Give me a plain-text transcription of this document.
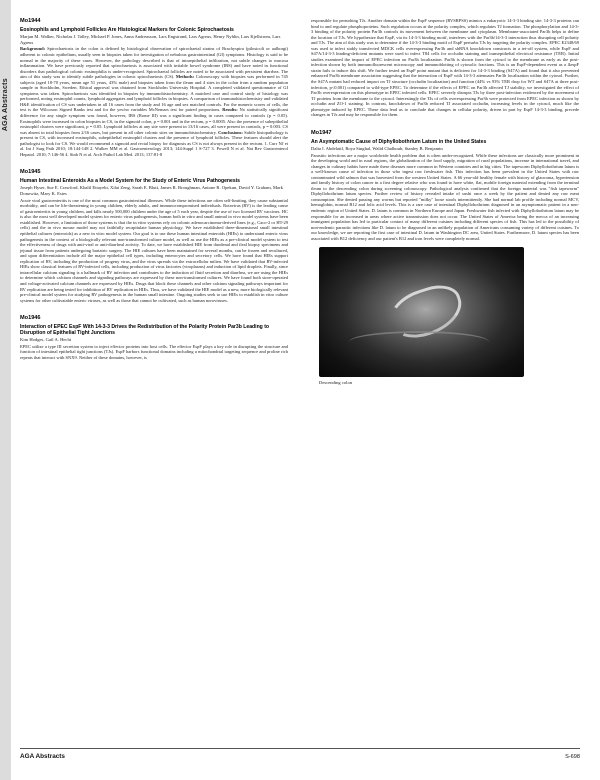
AGA Abstracts
Mo1944
Eosinophils and Lymphoid Follicles Are Histological Markers for Colonic Spirochaetosis
Marjan M. Walker, Nicholas J. Talley, Michael P. Jones, Anna Andreasson, Lars Engstrand, Lars Agreus, Henry Nyhlin, Lars Kjellstrom, Lars Agreus

Background: Spirochaetosis in the colon is defined by histological observation of spirochaetal strains of Brachyspira (pilosicoli or aalborgi) adherent to colonic epithelium, usually seen in biopsies taken for investigation of nebulous gastrointestinal (GI) symptoms. Histology is said to be normal in the majority of these cases. However, the pathology described is that of intraepithelial infiltration, not subtle changes to mucosa inflammation. We have previously reported that spirochaetosis is associated with irritable bowel syndrome (IBS) and have noted in functional disorders that pathological colonic eosinophilia is under-recognised. Spirochaetal follicles are noted to be associated with persistent diarrhea. The aim of this study was to identify subtle pathologies in colonic spirochaetosis (CS). Methods: Colonoscopy with biopsies was performed in 745 subjects (aged 18-70 years, mean age 51 years, 43% male) and biopsies taken from the ileum and 4 sites in the colon from a random population sample in Stockholm, Sweden. Ethical approval was obtained from Stockholm University Hospital. A completed validated questionnaire of GI symptoms was taken. Spirochaetosis was identified in biopsies by immunohistochemistry. A matched case and control study of histology was performed, noting eosinophil counts, lymphoid aggregates and lymphoid follicles in biopsies. A comparison of immunohistochemistry and validated H&E identification of CS was undertaken in all 16 cases from the study and 16 age and sex matched controls. For the numeric scores of cells, the test is the Wilcoxon Signed Ranks test and for the yes/no variables McNemars test for paired proportions. Results: No statistically significant difference for any single symptom was found, however, IBS (Rome III) was a significant finding in cases compared to controls (p = 0.05). Eosinophils were increased in colon biopsies in CS, in the sigmoid colon, p = 0.001 and in the rectum, p = 0.0005. Also the presence of subepithelial eosinophil clusters were significant, p = 0.05. Lymphoid follicles at any site were present in 13/16 cases, all were present in controls, p = 0.003. CS was absent in total biopsies from 2/16 cases, but present in all other colonic sites on immunohistochemistry. Conclusions: Subtle histopathology is present in CS, with increased eosinophils, subepithelial eosinophil clusters and the presence of lymphoid follicles. These features should alert the pathologist to look for CS. We would recommend a sigmoid and rectal biopsy for diagnosis as CS is not always present in the rectum. 1. Curr NJ et al. Int J Surg Path 2010; 18:144-148 2. Walker MM et al. Gastroenterology 2013; 144:Suppl 1 S-727 3. Powell N et al. Nat Rev Gastroenterol Hepatol. 2010; 7:146-56 4. Sinh N et al. Arch Pathol Lab Med. 2013; 137:81-8

Mo1945
Human Intestinal Enteroids As a Model System for the Study of Enteric Virus Pathogenesis
Joseph Hyser, Sue E. Crawford, Khalil Ettayebi, Xilai Zeng, Sarah E. Blutt, James R. Broughman, Antone R. Opekun, David Y. Graham, Mark Donowitz, Mary K. Estes

Acute viral gastroenteritis is one of the most common gastrointestinal illnesses. While these infections are often self-limiting, they cause substantial morbidity, and can be life-threatening in young children, elderly adults, and immunocompromised individuals. Rotavirus (RV) is the leading cause of gastroenteritis in young children, and kills nearly 500,000 children under the age of 5 each year, despite the use of two licensed RV vaccines. HC is also the most well developed model system for enteric virus pathogenesis, human both in vitro and small animal in vivo model systems have been established. However, a limitation of those systems is that the in vitro systems rely on colonic adenocarcinoma-derived lines (e.g., Caco-2 or HT-29 cells) and the in vivo mouse model may not faithfully recapitulate human physiology. We have established three-dimensional small intestinal epithelial cultures (enteroids) as a new in vitro model system. Our goal is to use these human intestinal enteroids (HIEs) to understand enteric virus pathogenesis in the context of a biologically relevant non-transformed culture model, as well as use the HIEs as a pre-clinical model system to test the effectiveness of drugs with anti-viral or anti-diarrheal activity. To date, we have established HIE from duodenal and ileal biopsy specimens and jejunal tissue from patients undergoing bariatric surgery. The HIE cultures have been maintained for several months, can be frozen and recultured, and upon differentiation include all the major epithelial cell types, including enterocytes and secretory cells. We have found that HIEs support replication of RV, including the production of progeny virus, and the virus spreads via the extracellular milieu. We have validated that RV-infected HIEs show classical features of RV-infected cells, including production of virus factories (viroplasms) and induction of lipid droplets. Finally, since intracellular calcium signaling is a hallmark of RV infection and contributes to the induction of fluid secretion and diarrhea, we are using the HIEs to determine which calcium channels and signaling pathways are expressed by these non-transformed cultures. We have found both store-operated and voltage-activated calcium channels are expressed by HIEs. Drugs that block these channels and other calcium signaling pathways important for RV replication are being tested for inhibition of RV replication in HIEs. Thus, we have validated the HIE model as a new, more biologically relevant pre-clinical model system for studying RV pathogenesis in the human small intestine. Ongoing studies seek to use HIEs to establish in vitro culture systems for other cultivatable enteric viruses, as well as those that cannot be cultivated, such as human noroviruses.

Mo1946
Interaction of EPEC EspF With 14-3-3 Drives the Redistribution of the Polarity Protein Par3b Leading to Disruption of Epithelial Tight Junctions
Kim Hodges, Gail A. Hecht

EPEC utilize a type III secretion system to inject effector proteins into host cells. The effector EspF plays a key role in disrupting the structure and function of intestinal epithelial tight junctions (TJs). EspF harbors functional domains including a mitochondrial targeting sequence and proline rich repeats that interact with SNX9. Neither of these domains, however, is

responsible for perturbing TJs. Another domain within the EspF sequence (RVSRPSS) mimics a eukaryotic 14-3-3 binding site. 14-3-3 proteins can bind to and regulate phosphoproteins. Such regulation occurs at the polarity complex, which regulates TJ formation. The phosphorylation and 14-3-3 binding of the polarity protein Par3b controls its movement between the membrane and cytoplasm. Membrane-associated Par3b helps to define the location of TJs. We hypothesize that EspF, via its 14-3-3 binding motif, interferes with the Par3b/14-3-3 interaction thus disrupting cell polarity and TJs. The aim of this study was to determine if the 14-3-3 binding motif of EspF perturbs TJs by targeting the polarity complex. EPEC E2348/69 was used to infect stably transfected MDCK cells overexpressing Par3b and shRNA knockdown constructs in a tet-off system, while EspF and S47A/14-3-3 binding-deficient mutants were used to infect T84 cells for occludin staining and transepithelial electrical resistance (TER). Initial studies examined the impact of EPEC infection on Par3b localization. Par3b is shown from the cytosol to the membrane as early as the post-infection shown by both immunofluorescent microscopy and immunoblotting of cytosolic fractions. This is an EspF-dependent event as a ΔespF strain fails to induce this shift. We further tested an EspF point mutant that is deficient for 14-3-3 binding (S47A) and found that it also prevented enhanced Par3b membrane association suggesting that the interaction of EspF with 14-3-3 attenuates Par3b localization within the cytosol. Further, the S47A mutant had reduced impact on TJ structure (occludin localization) and function (44% vs 93% TER drop for WT and S47A at three post-infection, p<0.001) compared to wild-type EPEC. To determine if the effects of EPEC on Par3b affected TJ stability, we investigated the effect of Par3b overexpression on this phenotype in EPEC infected cells. EPEC severely disrupts TJs by three post-infection evidenced by the movement of TJ proteins from the membrane to the cytosol. Interestingly the TJs of cells overexpressing Par3b were protected from EPEC infection as shown by occludin and ZO-1 staining. In contrast, knockdown of Par3b reduced TJ associated occludin, increasing levels in the cytosol, much like the phenotype induced by EPEC. These data lead us to conclude that changes in cellular polarity, driven in part by EspF 14-3-3 binding, precede changes in TJs and may be responsible for them.

Mo1947
An Asymptomatic Cause of Diphyllobothrium Latum in the United States
Dalia I. Abdelatif, Roya Singhal, Walid Chalhoub, Stanley B. Benjamin

Parasitic infections are a major worldwide health problem that is often under-recognized. While these infections are classically more prominent in the developing world and in rural regions, the globalization of the food supply, migration of rural populations, increase in international travel, and changes in culinary habits have made these diseases more common in Western countries and in big cities. The tapeworm Diphyllobothrium latum is a well-known cause of infection in those who ingest raw freshwater fish. This infection has been prevalent in the United States with raw contaminated wild salmon that was harvested from the western United States. A 66 year-old healthy female with history of glaucoma, hypertension and family history of colon cancer in a first degree relative who was found to have white, flat, mobile foreign material extending from the terminal ileum to the descending colon during screening colonoscopy. Pathological analysis confirmed that the foreign material was "fish tapeworm" Diphyllobothrium latum species. Further review of history revealed intake of sushi once a week by the patient and denied any raw meat consumption. She denied passing any worms but reported "milky" loose stools intermittently. She had normal lab profile including normal MCV, hemoglobin, normal B12 and folic acid levels. This is a rare case of intestinal Diphyllobothrium diagnosed in an asymptomatic patient in a non-endemic region of United States. D. latum is common in Northern Europe and Japan. Freshwater fish infected with Diphyllobothrium latum may be responsible for an increased in areas where active transmission does not occur. The United States of America being the mecca of an increasing immigrant population has led to particular contact of many different cuisines including different species of fish. This has led to the possibility of non-endemic parasitic infections like D. latum to be diagnosed in an unlikely population of Americans consuming variety of different cuisines. To our knowledge, we are reporting the first case of intestinal D. latum in Washington DC area, United States. Furthermore, D. latum species has been associated with B12 deficiency and our patient's B12 and iron levels were completely normal.

Descending colon
AGA Abstracts	S-698
